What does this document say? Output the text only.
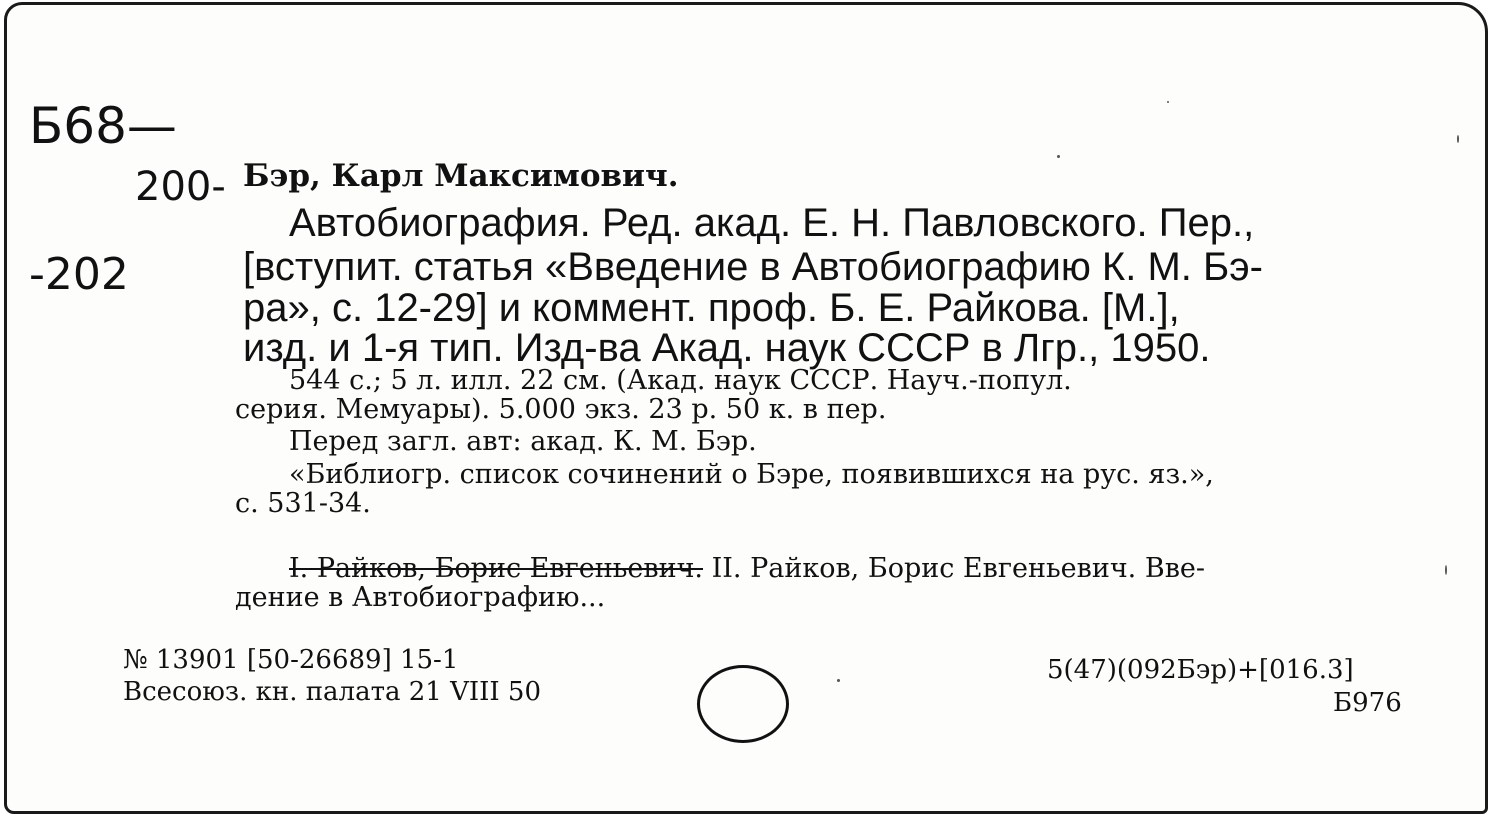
Б68—
200-
-202
Бэр, Карл Максимович.
Автобиография. Ред. акад. Е. Н. Павловского. Пер.,
[вступит. статья «Введение в Автобиографию К. М. Бэ-
ра», с. 12-29] и коммент. проф. Б. Е. Райкова. [М.],
изд. и 1-я тип. Изд-ва Акад. наук СССР в Лгр., 1950.
544 с.; 5 л. илл. 22 см. (Акад. наук СССР. Науч.-попул.
серия. Мемуары). 5.000 экз. 23 р. 50 к. в пер.
Перед загл. авт: акад. К. М. Бэр.
«Библиогр. список сочинений о Бэре, появившихся на рус. яз.»,
с. 531-34.
I. Райков, Борис Евгеньевич. II. Райков, Борис Евгеньевич. Вве-
дение в Автобиографию...
№ 13901 [50-26689] 15-1
Всесоюз. кн. палата 21 VIII 50
5(47)(092Бэр)+[016.3]
Б976
